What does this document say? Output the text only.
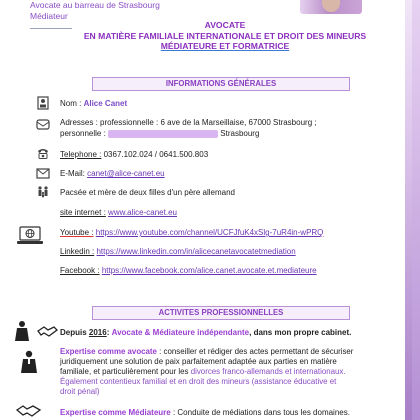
Avocate au barreau de Strasbourg
Médiateur
AVOCATE
EN MATIÈRE FAMILIALE INTERNATIONALE ET DROIT DES MINEURS
MÉDIATEURE ET FORMATRICE
INFORMATIONS GÉNÉRALES
Nom : Alice Canet
Adresses : professionnelle : 6 ave de la Marseillaise, 67000 Strasbourg ;
personnelle :	Strasbourg
Telephone : 0367.102.024 / 0641.500.803
E-Mail: canet@alice-canet.eu
Pacsée et mère de deux filles d'un père allemand
site internet : www.alice-canet.eu
Youtube : https://www.youtube.com/channel/UCFJfuK4xSlg-7uR4in-wPRQ
Linkedin : https://www.linkedin.com/in/alicecanetavocatetmediation
Facebook : https://www.facebook.com/alice.canet.avocate.et.mediateure
ACTIVITES PROFESSIONNELLES
Depuis 2016: Avocate & Médiateure indépendante, dans mon propre cabinet.
Expertise comme avocate : conseiller et rédiger des actes permettant de sécuriser
juridiquement une solution de paix parfaitement adaptée aux parties en matière
familiale, et particulièrement pour les divorces franco-allemands et internationaux.
Également contentieux familial et en droit des mineurs (assistance éducative et
droit pénal)
Expertise comme Médiateure : Conduite de médiations dans tous les domaines.
